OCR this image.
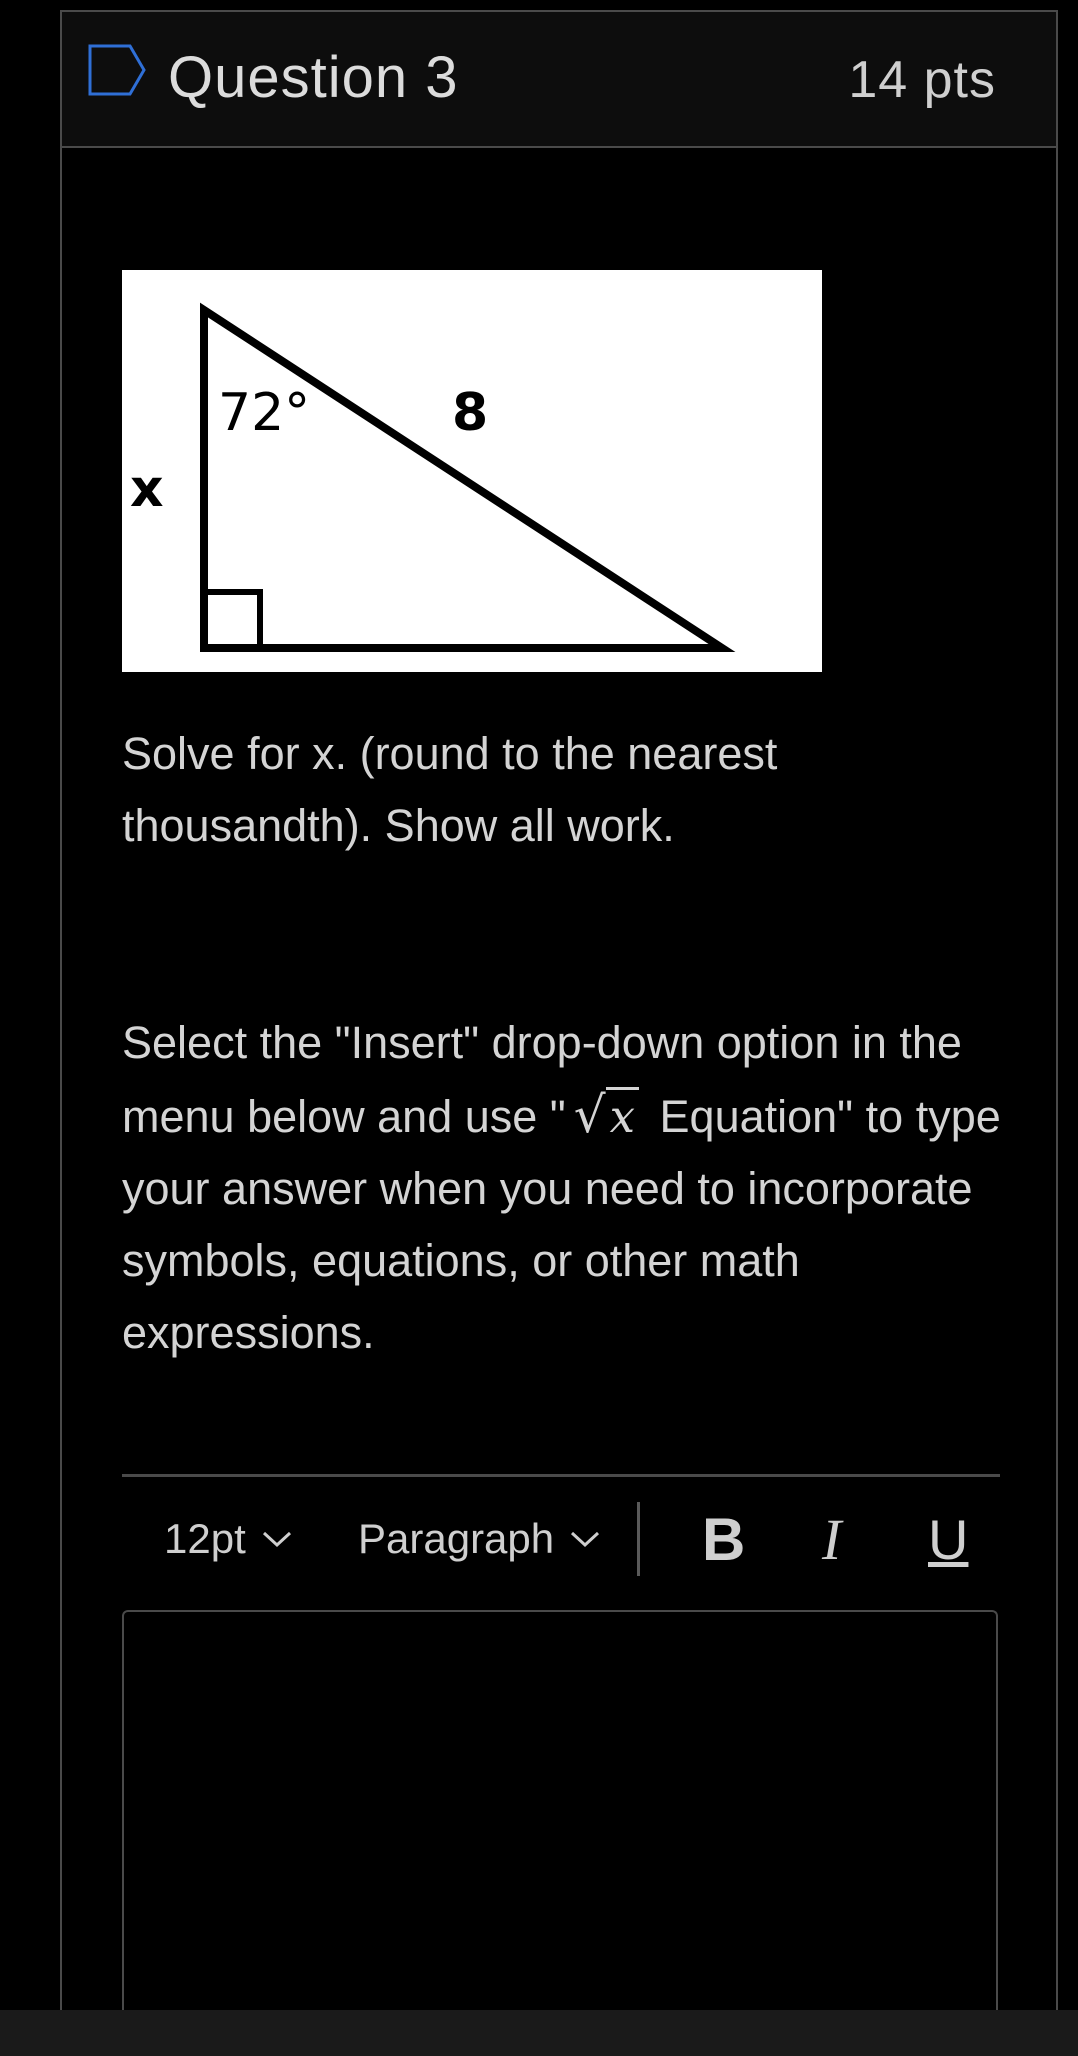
Question 3	14 pts
72°	8
x
Solve for x. (round to the nearest thousandth). Show all work.
Select the "Insert" drop-down option in the menu below and use " √x Equation" to type your answer when you need to incorporate symbols, equations, or other math expressions.
12pt	Paragraph B I U
